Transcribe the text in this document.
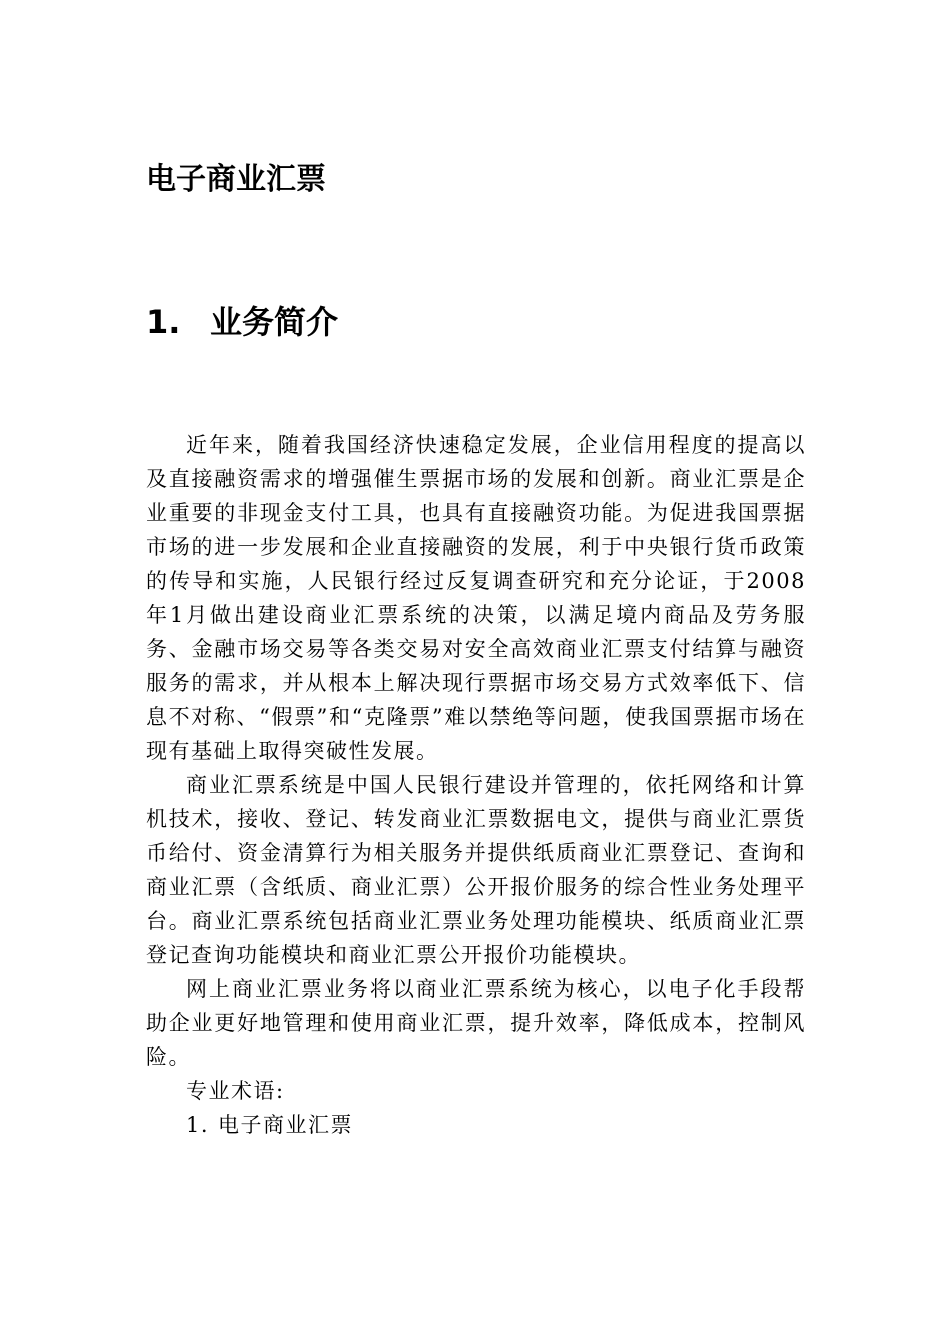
电子商业汇票
1. 业务简介

近年来，随着我国经济快速稳定发展，企业信用程度的提高以及直接融资需求的增强催生票据市场的发展和创新。商业汇票是企业重要的非现金支付工具，也具有直接融资功能。为促进我国票据市场的进一步发展和企业直接融资的发展，利于中央银行货币政策的传导和实施，人民银行经过反复调查研究和充分论证，于2008年1月做出建设商业汇票系统的决策，以满足境内商品及劳务服务、金融市场交易等各类交易对安全高效商业汇票支付结算与融资服务的需求，并从根本上解决现行票据市场交易方式效率低下、信息不对称、“假票”和“克隆票”难以禁绝等问题，使我国票据市场在现有基础上取得突破性发展。

商业汇票系统是中国人民银行建设并管理的，依托网络和计算机技术，接收、登记、转发商业汇票数据电文，提供与商业汇票货币给付、资金清算行为相关服务并提供纸质商业汇票登记、查询和商业汇票（含纸质、商业汇票）公开报价服务的综合性业务处理平台。商业汇票系统包括商业汇票业务处理功能模块、纸质商业汇票登记查询功能模块和商业汇票公开报价功能模块。

网上商业汇票业务将以商业汇票系统为核心，以电子化手段帮助企业更好地管理和使用商业汇票，提升效率，降低成本，控制风险。

专业术语:
1. 电子商业汇票
